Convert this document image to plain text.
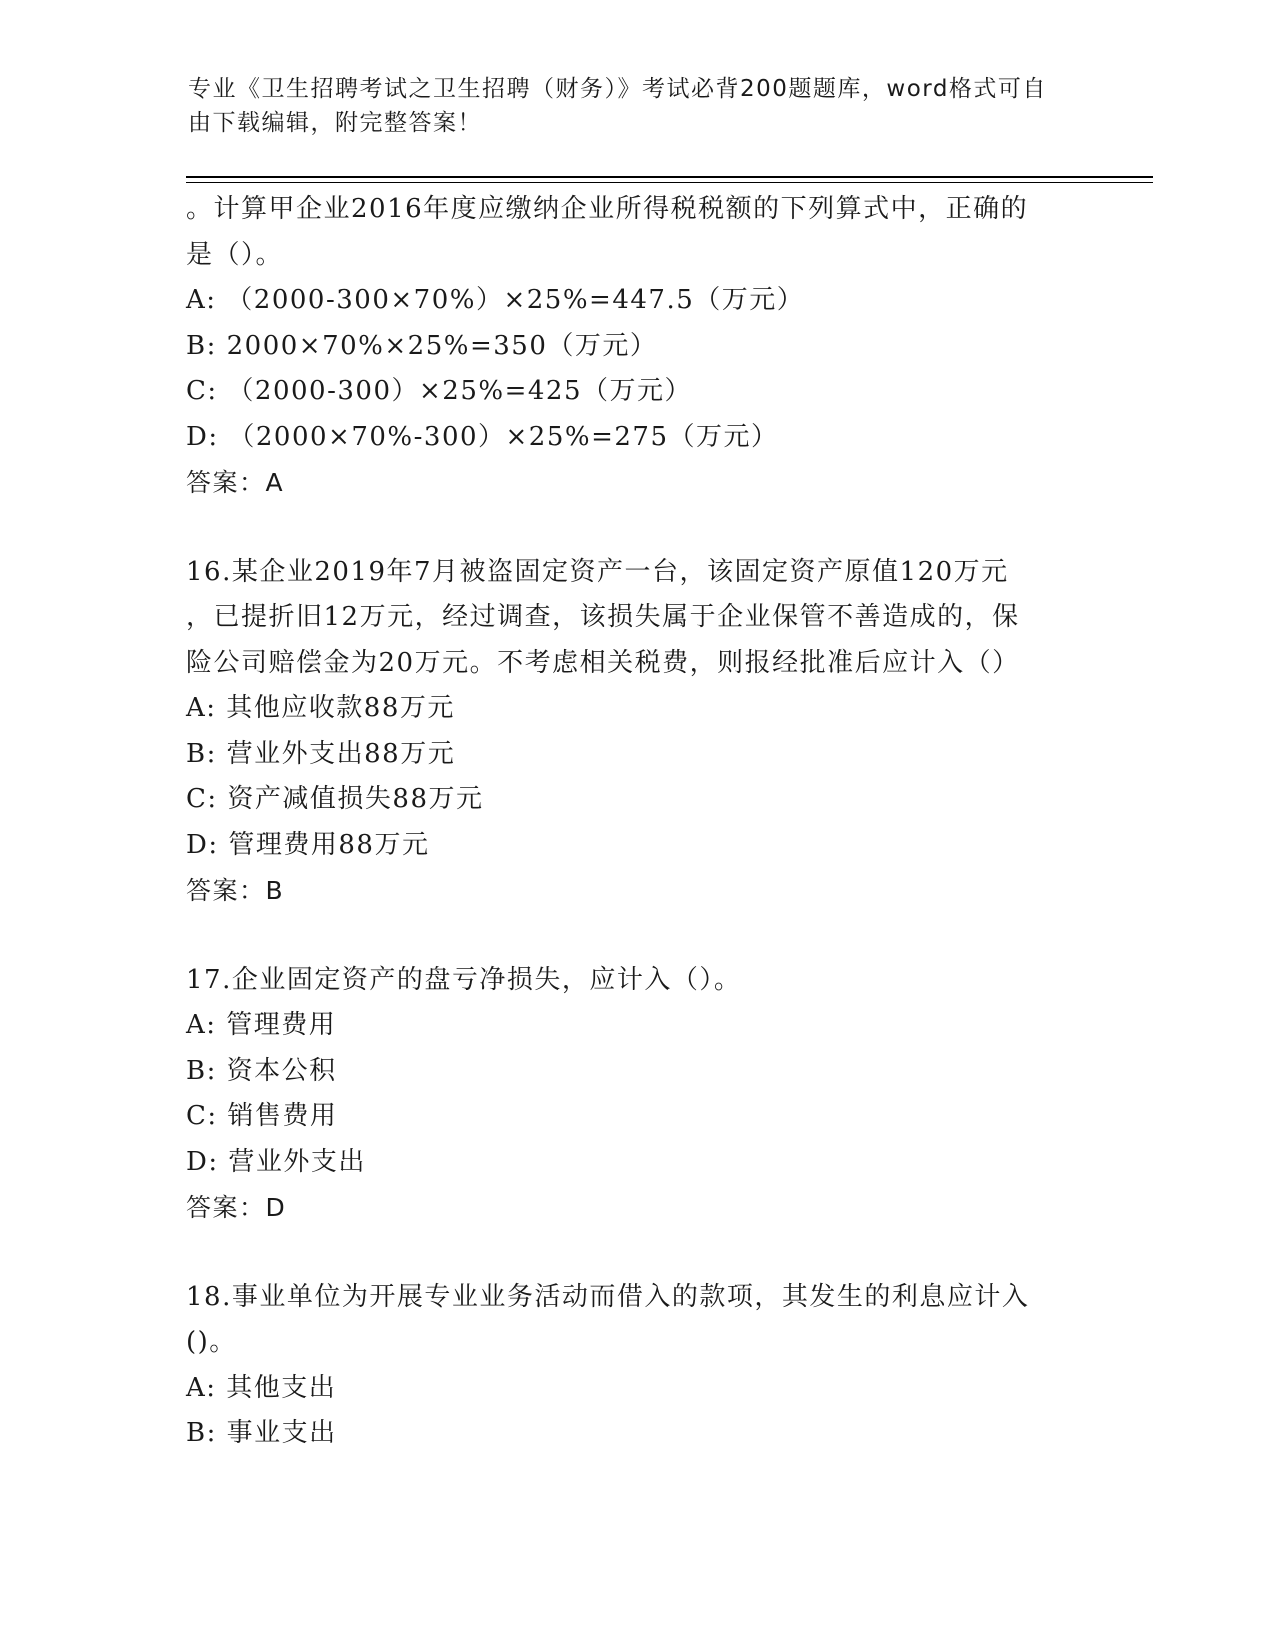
专业《卫生招聘考试之卫生招聘（财务）》考试必背200题题库，word格式可自
由下载编辑，附完整答案！
。计算甲企业2016年度应缴纳企业所得税税额的下列算式中，正确的
是（）。
A: （2000-300×70%）×25%=447.5（万元）
B: 2000×70%×25%=350（万元）
C: （2000-300）×25%=425（万元）
D: （2000×70%-300）×25%=275（万元）
答案：A
16.某企业2019年7月被盗固定资产一台，该固定资产原值120万元
，已提折旧12万元，经过调查，该损失属于企业保管不善造成的，保
险公司赔偿金为20万元。不考虑相关税费，则报经批准后应计入（）
A: 其他应收款88万元
B: 营业外支出88万元
C: 资产减值损失88万元
D: 管理费用88万元
答案：B
17.企业固定资产的盘亏净损失，应计入（）。
A: 管理费用
B: 资本公积
C: 销售费用
D: 营业外支出
答案：D
18.事业单位为开展专业业务活动而借入的款项，其发生的利息应计入
()。
A: 其他支出
B: 事业支出
